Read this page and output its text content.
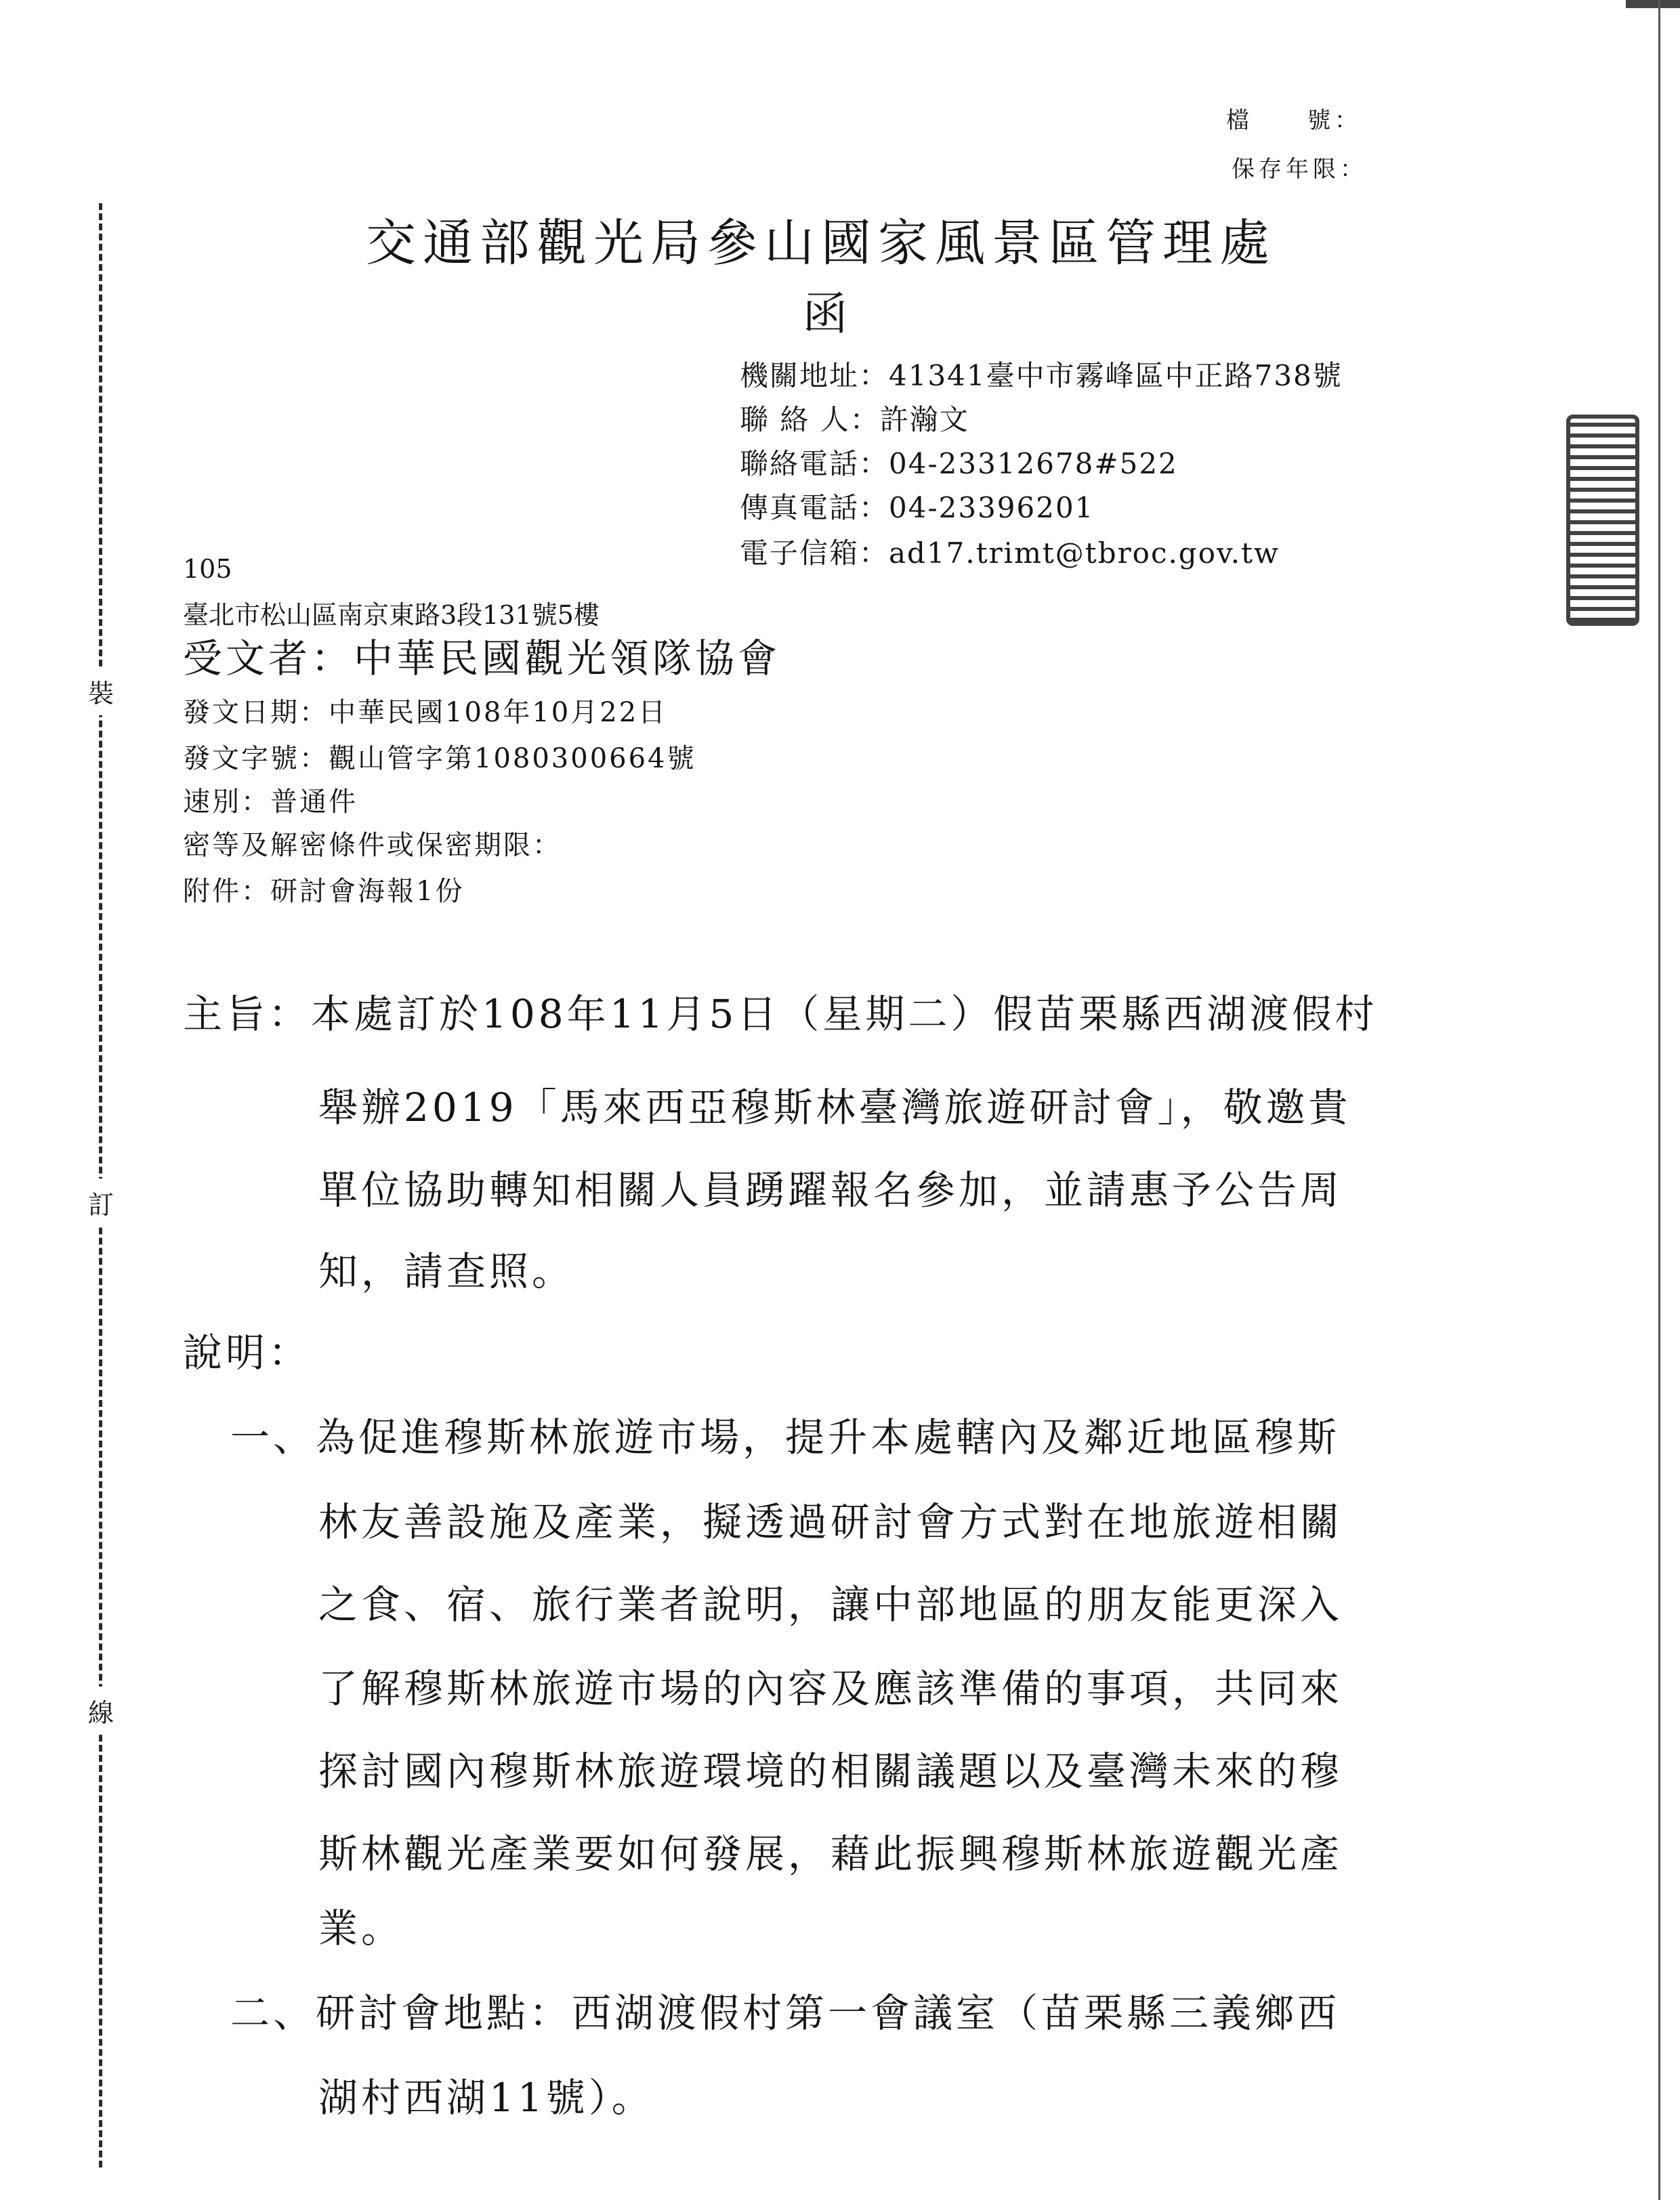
裝
訂
線
檔　　號：
保存年限：
交通部觀光局參山國家風景區管理處
函
機關地址：41341臺中市霧峰區中正路738號
聯 絡 人：許瀚文
聯絡電話：04-23312678#522
傳真電話：04-23396201
電子信箱：ad17.trimt@tbroc.gov.tw
105
臺北市松山區南京東路3段131號5樓
受文者：中華民國觀光領隊協會
發文日期：中華民國108年10月22日
發文字號：觀山管字第1080300664號
速別：普通件
密等及解密條件或保密期限：
附件：研討會海報1份
主旨：本處訂於108年11月5日（星期二）假苗栗縣西湖渡假村
舉辦2019「馬來西亞穆斯林臺灣旅遊研討會」，敬邀貴
單位協助轉知相關人員踴躍報名參加，並請惠予公告周
知，請查照。
說明：
一、為促進穆斯林旅遊市場，提升本處轄內及鄰近地區穆斯
林友善設施及產業，擬透過研討會方式對在地旅遊相關
之食、宿、旅行業者說明，讓中部地區的朋友能更深入
了解穆斯林旅遊市場的內容及應該準備的事項，共同來
探討國內穆斯林旅遊環境的相關議題以及臺灣未來的穆
斯林觀光產業要如何發展，藉此振興穆斯林旅遊觀光產
業。
二、研討會地點：西湖渡假村第一會議室（苗栗縣三義鄉西
湖村西湖11號）。
